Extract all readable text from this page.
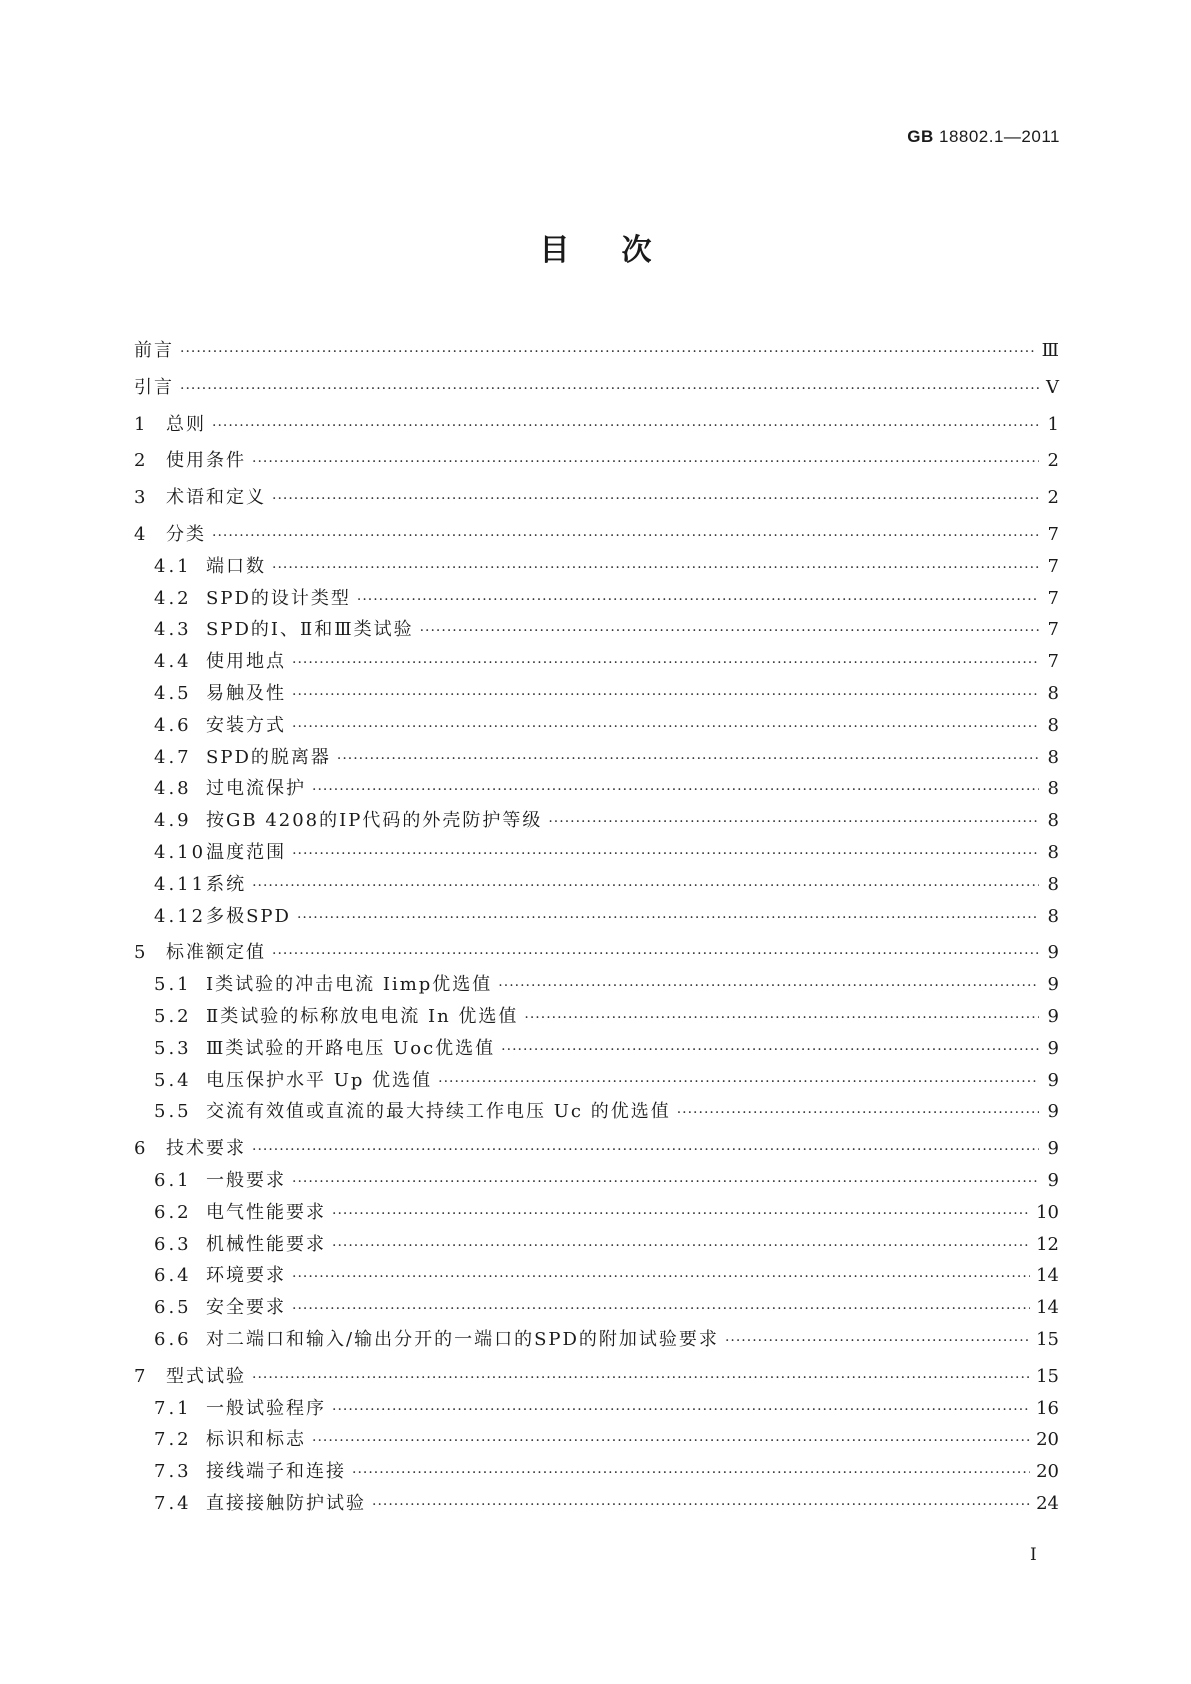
GB 18802.1—2011
目次
前言 ·····	Ⅲ
引言 ·····	Ⅴ
1	总则 ·····	1
2	使用条件 ·····	2
3	术语和定义 ·····	2
4	分类 ·····	7
4.1 端口数 ·····	7
4.2 SPD的设计类型 ·····	7
4.3 SPD的Ⅰ、Ⅱ和Ⅲ类试验 ·····	7
4.4 使用地点 ·····	7
4.5 易触及性 ·····	8
4.6 安装方式 ·····	8
4.7 SPD的脱离器 ·····	8
4.8 过电流保护 ·····	8
4.9 按GB 4208的IP代码的外壳防护等级 ·····	8
4.10 温度范围 ·····	8
4.11 系统 ·····	8
4.12 多极SPD ·····	8
5	标准额定值 ·····	9
5.1 Ⅰ类试验的冲击电流 Iimp优选值 ·····	9
5.2 Ⅱ类试验的标称放电电流 In 优选值 ·····	9
5.3 Ⅲ类试验的开路电压 Uoc优选值 ·····	9
5.4 电压保护水平 Up 优选值 ·····	9
5.5 交流有效值或直流的最大持续工作电压 Uc 的优选值 ·····	9
6	技术要求 ·····	9
6.1 一般要求 ·····	9
6.2 电气性能要求 ·····	10
6.3 机械性能要求 ·····	12
6.4 环境要求 ·····	14
6.5 安全要求 ·····	14
6.6 对二端口和输入/输出分开的一端口的SPD的附加试验要求 ·····	15
7	型式试验 ·····	15
7.1 一般试验程序 ·····	16
7.2 标识和标志 ·····	20
7.3 接线端子和连接 ·····	20
7.4 直接接触防护试验 ·····	24
I
